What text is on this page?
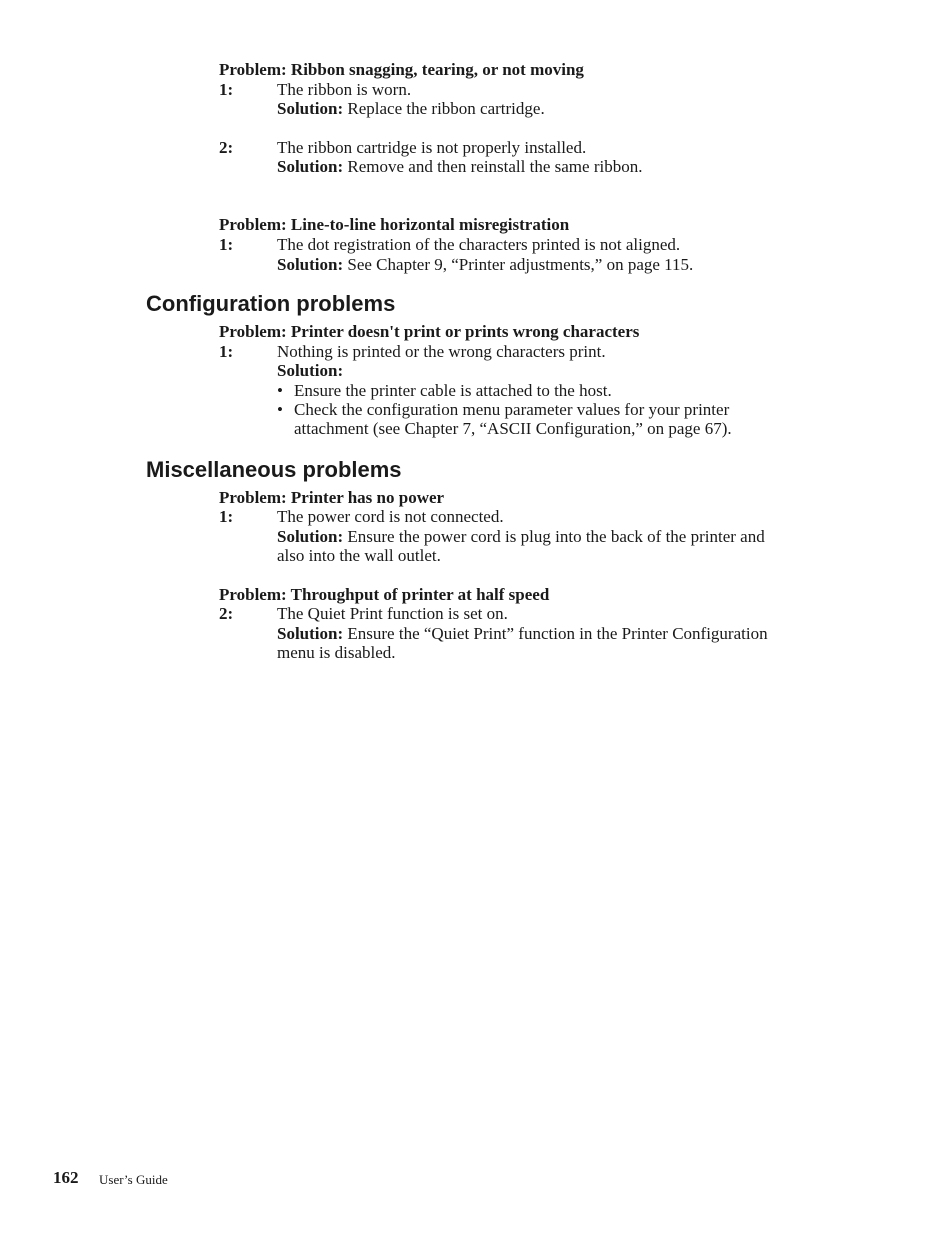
Problem: Ribbon snagging, tearing, or not moving
1:	The ribbon is worn.
Solution: Replace the ribbon cartridge.
2:	The ribbon cartridge is not properly installed.
Solution: Remove and then reinstall the same ribbon.
Problem: Line-to-line horizontal misregistration
1:	The dot registration of the characters printed is not aligned.
Solution: See Chapter 9, “Printer adjustments,” on page 115.
Configuration problems
Problem: Printer doesn't print or prints wrong characters
1:	Nothing is printed or the wrong characters print.
Solution:
• Ensure the printer cable is attached to the host.
• Check the configuration menu parameter values for your printer
attachment (see Chapter 7, “ASCII Configuration,” on page 67).
Miscellaneous problems
Problem: Printer has no power
1:	The power cord is not connected.
Solution: Ensure the power cord is plug into the back of the printer and
also into the wall outlet.
Problem: Throughput of printer at half speed
2:	The Quiet Print function is set on.
Solution: Ensure the “Quiet Print” function in the Printer Configuration
menu is disabled.
162 User’s Guide
